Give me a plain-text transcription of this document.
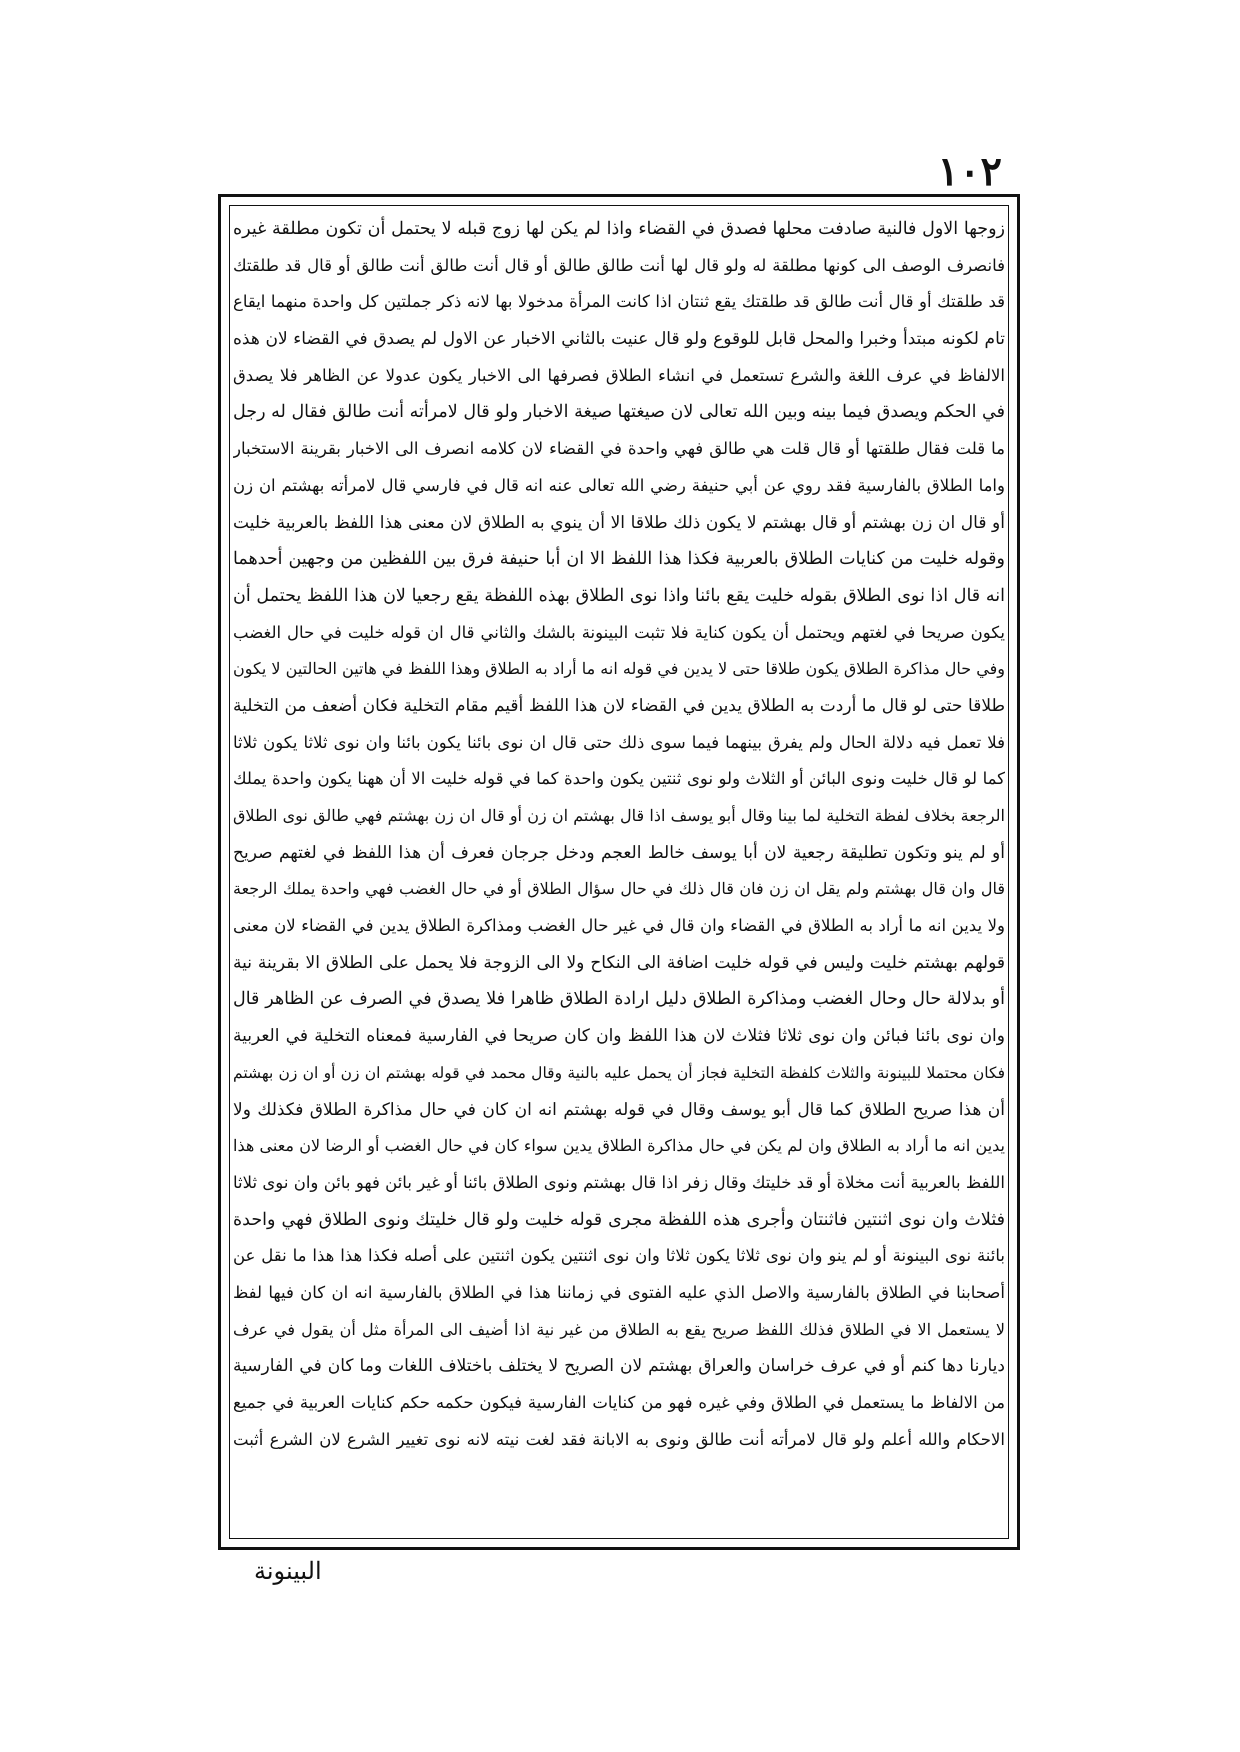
١٠٢
زوجها الاول فالنية صادفت محلها فصدق في القضاء واذا لم يكن لها زوج قبله لا يحتمل أن تكون مطلقة غيره
فانصرف الوصف الى كونها مطلقة له ولو قال لها أنت طالق طالق أو قال أنت طالق أنت طالق أو قال قد طلقتك
قد طلقتك أو قال أنت طالق قد طلقتك يقع ثنتان اذا كانت المرأة مدخولا بها لانه ذكر جملتين كل واحدة منهما ايقاع
تام لكونه مبتدأ وخبرا والمحل قابل للوقوع ولو قال عنيت بالثاني الاخبار عن الاول لم يصدق في القضاء لان هذه
الالفاظ في عرف اللغة والشرع تستعمل في انشاء الطلاق فصرفها الى الاخبار يكون عدولا عن الظاهر فلا يصدق
في الحكم ويصدق فيما بينه وبين الله تعالى لان صيغتها صيغة الاخبار ولو قال لامرأته أنت طالق فقال له رجل
ما قلت فقال طلقتها أو قال قلت هي طالق فهي واحدة في القضاء لان كلامه انصرف الى الاخبار بقرينة الاستخبار
واما الطلاق بالفارسية فقد روي عن أبي حنيفة رضي الله تعالى عنه انه قال في فارسي قال لامرأته بهشتم ان زن
أو قال ان زن بهشتم أو قال بهشتم لا يكون ذلك طلاقا الا أن ينوي به الطلاق لان معنى هذا اللفظ بالعربية خليت
وقوله خليت من كنايات الطلاق بالعربية فكذا هذا اللفظ الا ان أبا حنيفة فرق بين اللفظين من وجهين أحدهما
انه قال اذا نوى الطلاق بقوله خليت يقع بائنا واذا نوى الطلاق بهذه اللفظة يقع رجعيا لان هذا اللفظ يحتمل أن
يكون صريحا في لغتهم ويحتمل أن يكون كناية فلا تثبت البينونة بالشك والثاني قال ان قوله خليت في حال الغضب
وفي حال مذاكرة الطلاق يكون طلاقا حتى لا يدين في قوله انه ما أراد به الطلاق وهذا اللفظ في هاتين الحالتين لا يكون
طلاقا حتى لو قال ما أردت به الطلاق يدين في القضاء لان هذا اللفظ أقيم مقام التخلية فكان أضعف من التخلية
فلا تعمل فيه دلالة الحال ولم يفرق بينهما فيما سوى ذلك حتى قال ان نوى بائنا يكون بائنا وان نوى ثلاثا يكون ثلاثا
كما لو قال خليت ونوى البائن أو الثلاث ولو نوى ثنتين يكون واحدة كما في قوله خليت الا أن ههنا يكون واحدة يملك
الرجعة بخلاف لفظة التخلية لما بينا وقال أبو يوسف اذا قال بهشتم ان زن أو قال ان زن بهشتم فهي طالق نوى الطلاق
أو لم ينو وتكون تطليقة رجعية لان أبا يوسف خالط العجم ودخل جرجان فعرف أن هذا اللفظ في لغتهم صريح
قال وان قال بهشتم ولم يقل ان زن فان قال ذلك في حال سؤال الطلاق أو في حال الغضب فهي واحدة يملك الرجعة
ولا يدين انه ما أراد به الطلاق في القضاء وان قال في غير حال الغضب ومذاكرة الطلاق يدين في القضاء لان معنى
قولهم بهشتم خليت وليس في قوله خليت اضافة الى النكاح ولا الى الزوجة فلا يحمل على الطلاق الا بقرينة نية
أو بدلالة حال وحال الغضب ومذاكرة الطلاق دليل ارادة الطلاق ظاهرا فلا يصدق في الصرف عن الظاهر قال
وان نوى بائنا فبائن وان نوى ثلاثا فثلاث لان هذا اللفظ وان كان صريحا في الفارسية فمعناه التخلية في العربية
فكان محتملا للبينونة والثلاث كلفظة التخلية فجاز أن يحمل عليه بالنية وقال محمد في قوله بهشتم ان زن أو ان زن بهشتم
أن هذا صريح الطلاق كما قال أبو يوسف وقال في قوله بهشتم انه ان كان في حال مذاكرة الطلاق فكذلك ولا
يدين انه ما أراد به الطلاق وان لم يكن في حال مذاكرة الطلاق يدين سواء كان في حال الغضب أو الرضا لان معنى هذا
اللفظ بالعربية أنت مخلاة أو قد خليتك وقال زفر اذا قال بهشتم ونوى الطلاق بائنا أو غير بائن فهو بائن وان نوى ثلاثا
فثلاث وان نوى اثنتين فاثنتان وأجرى هذه اللفظة مجرى قوله خليت ولو قال خليتك ونوى الطلاق فهي واحدة
بائنة نوى البينونة أو لم ينو وان نوى ثلاثا يكون ثلاثا وان نوى اثنتين يكون اثنتين على أصله فكذا هذا هذا ما نقل عن
أصحابنا في الطلاق بالفارسية والاصل الذي عليه الفتوى في زماننا هذا في الطلاق بالفارسية انه ان كان فيها لفظ
لا يستعمل الا في الطلاق فذلك اللفظ صريح يقع به الطلاق من غير نية اذا أضيف الى المرأة مثل أن يقول في عرف
ديارنا دها كنم أو في عرف خراسان والعراق بهشتم لان الصريح لا يختلف باختلاف اللغات وما كان في الفارسية
من الالفاظ ما يستعمل في الطلاق وفي غيره فهو من كنايات الفارسية فيكون حكمه حكم كنايات العربية في جميع
الاحكام والله أعلم ولو قال لامرأته أنت طالق ونوى به الابانة فقد لغت نيته لانه نوى تغيير الشرع لان الشرع أثبت
البينونة
